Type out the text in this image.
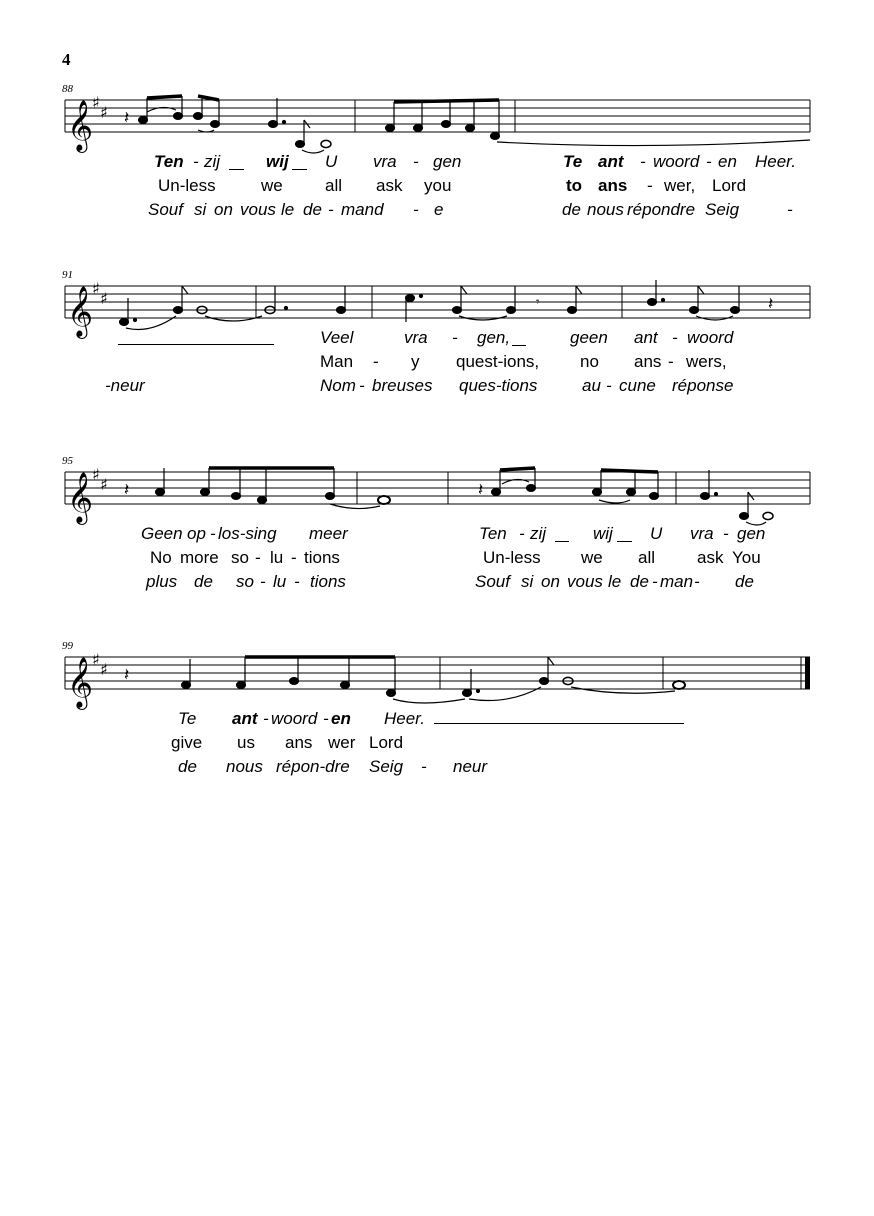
4
88
𝄞
♯
♯ 𝄽
Ten - zij	wij U vra - gen	Te ant - woord - en Heer.
Un-less	we all ask you	to ans - wer, Lord
Souf si on vous le de - mand - e	de nous répondre Seig	-
91
𝄞
♯
♯	𝄾	𝄽
Veel	vra - gen,	geen ant - woord
Man - y quest-ions, no ans - wers,
-neur	Nom - breuses ques-tions	au - cune réponse
95
𝄞
♯
♯ 𝄽	𝄽
Geen op - los-sing meer	Ten - zij	wij U vra - gen
No more so - lu - tions	Un-less we all ask You
plus de so - lu - tions	Souf si on vous le de - man - de
99
𝄞
♯
♯ 𝄽
Te ant - woord - en Heer.
give us ans wer Lord
de nous répon-dre Seig - neur
